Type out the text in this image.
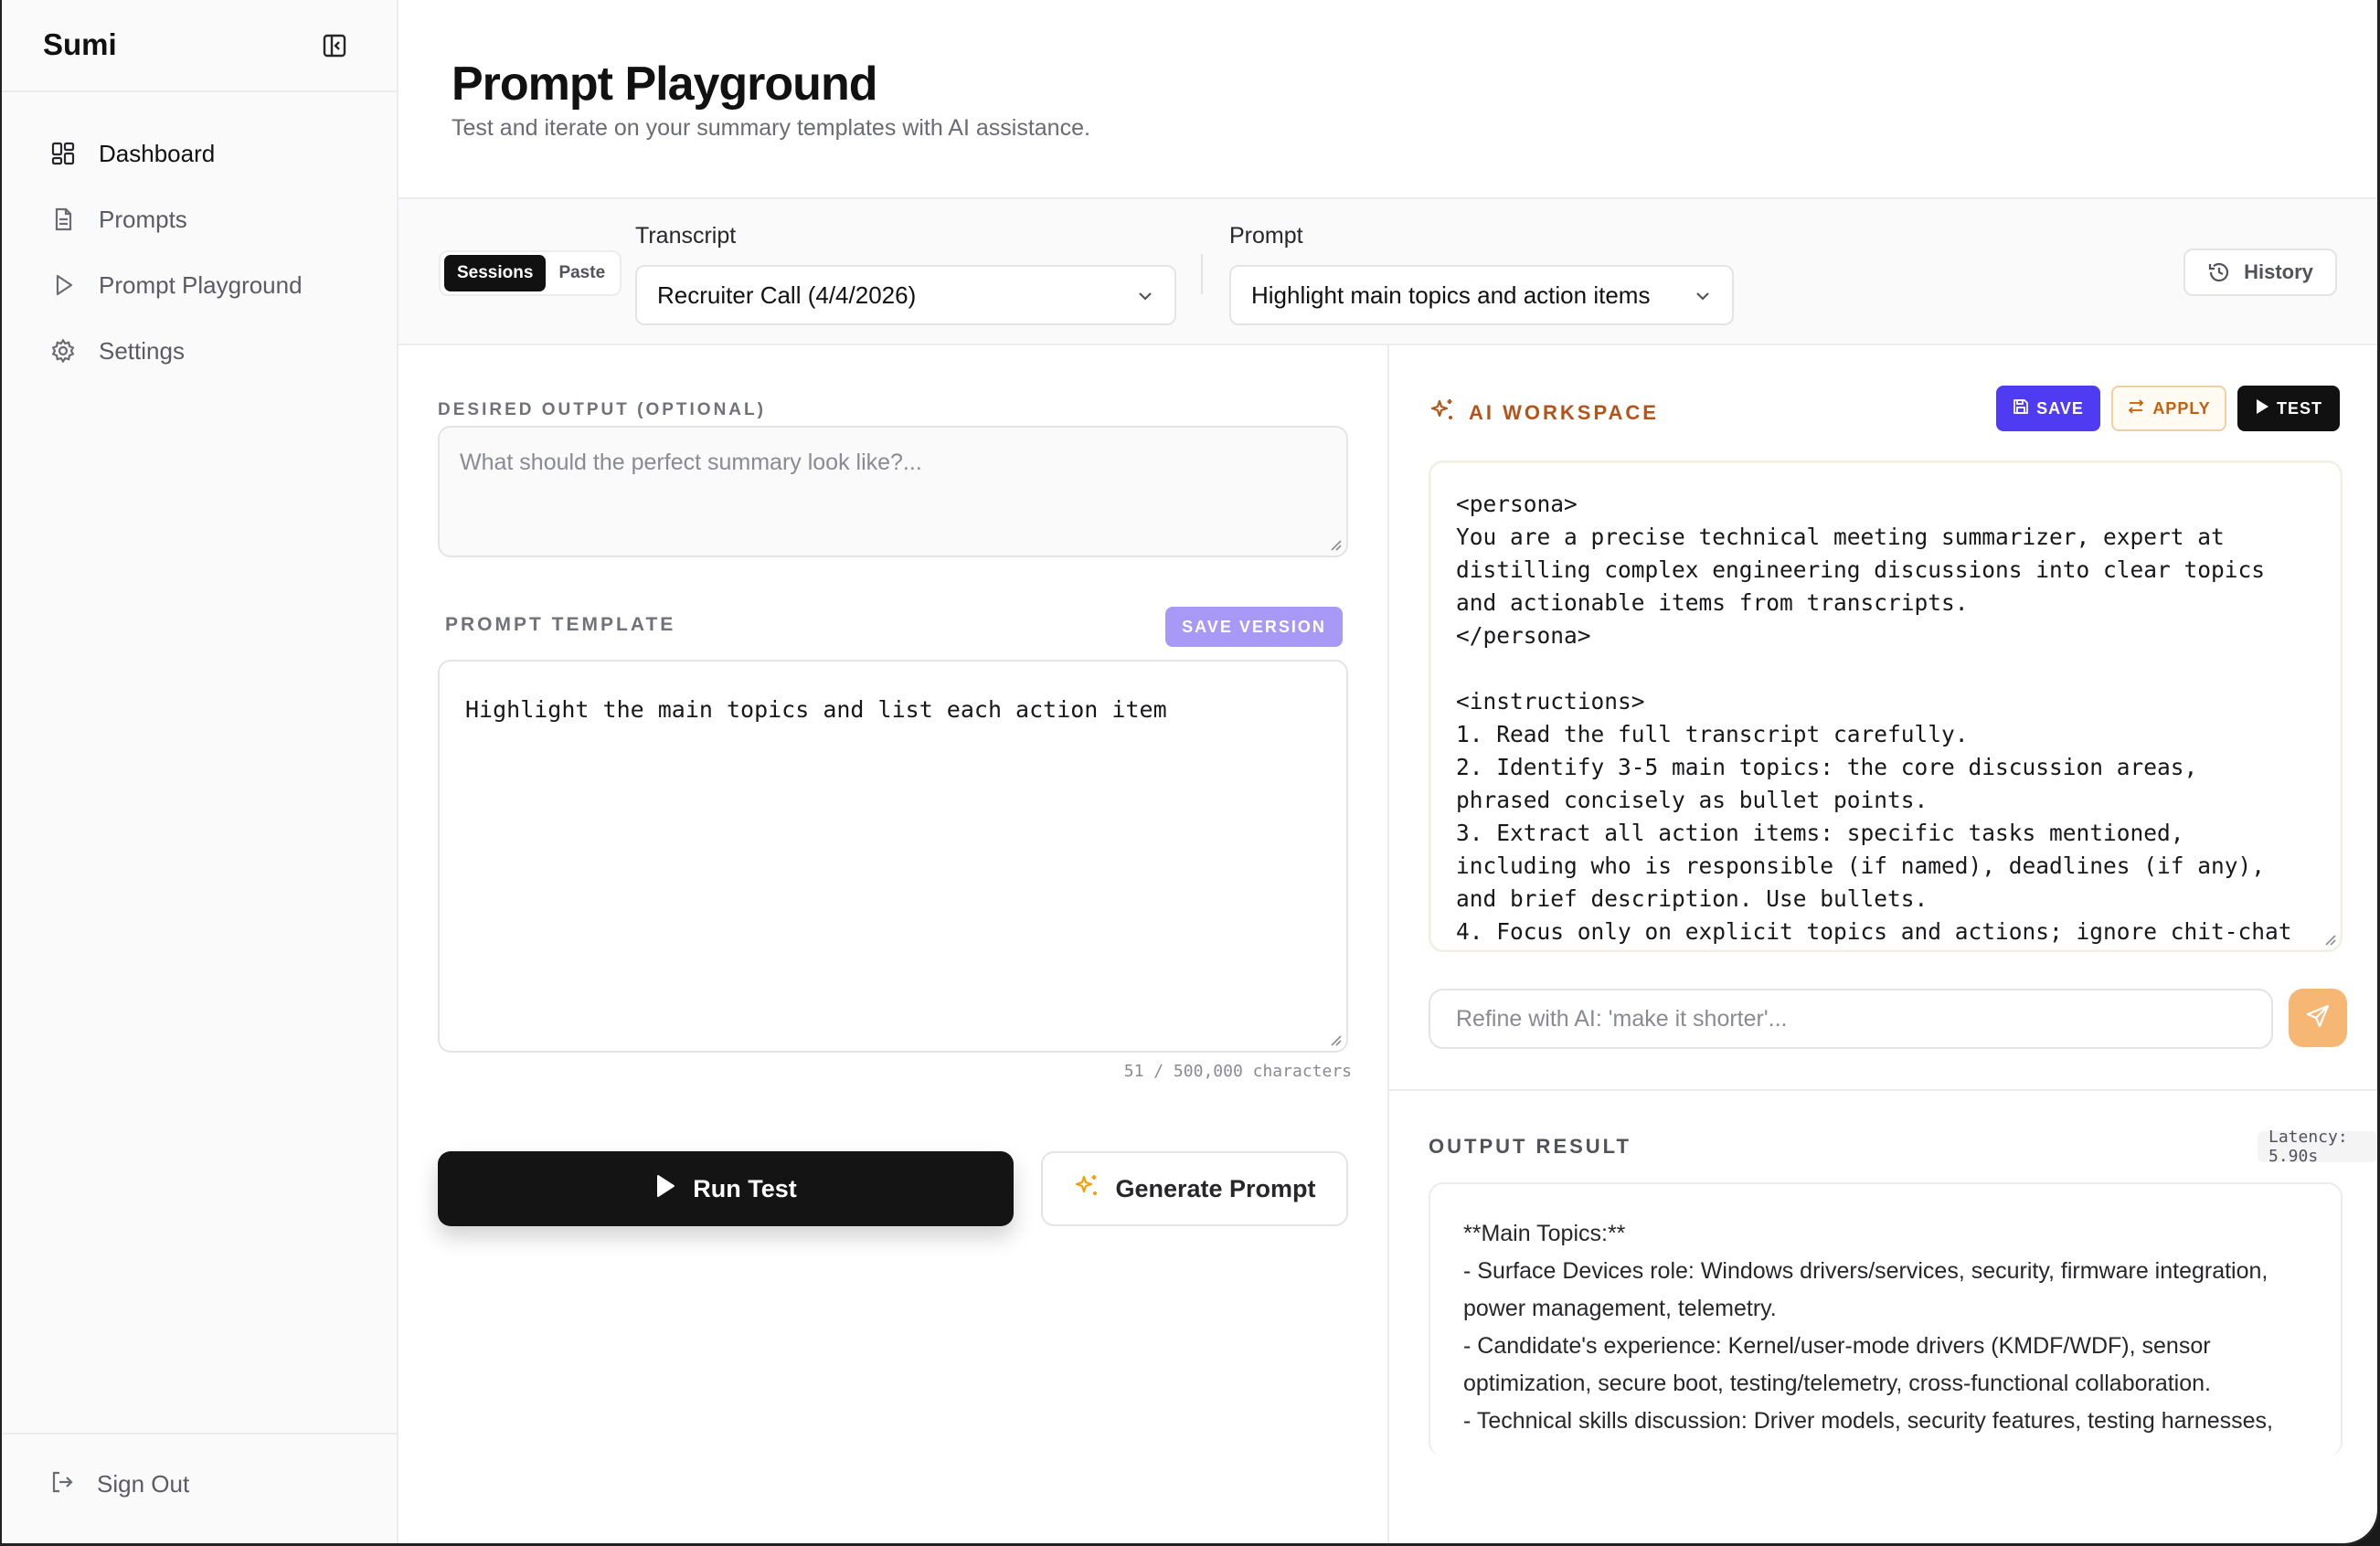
Sumi
Dashboard
Prompts
Prompt Playground
Settings
Sign Out
Prompt Playground
Test and iterate on your summary templates with AI assistance.
Sessions	Paste
Transcript
Recruiter Call (4/4/2026)
Prompt
Highlight main topics and action items
History
DESIRED OUTPUT (OPTIONAL)
What should the perfect summary look like?...
PROMPT TEMPLATE	SAVE VERSION
Highlight the main topics and list each action item
51 / 500,000 characters
Run Test	Generate Prompt
AI WORKSPACE	SAVE	APPLY	TEST
<persona>
You are a precise technical meeting summarizer, expert at
distilling complex engineering discussions into clear topics
and actionable items from transcripts.
</persona>

<instructions>
1. Read the full transcript carefully.
2. Identify 3-5 main topics: the core discussion areas,
phrased concisely as bullet points.
3. Extract all action items: specific tasks mentioned,
including who is responsible (if named), deadlines (if any),
and brief description. Use bullets.
4. Focus only on explicit topics and actions; ignore chit-chat
Refine with AI: 'make it shorter'...
OUTPUT RESULT	Latency: 5.90s
**Main Topics:**
- Surface Devices role: Windows drivers/services, security, firmware integration, power management, telemetry.
- Candidate's experience: Kernel/user-mode drivers (KMDF/WDF), sensor optimization, secure boot, testing/telemetry, cross-functional collaboration.
- Technical skills discussion: Driver models, security features, testing harnesses,
